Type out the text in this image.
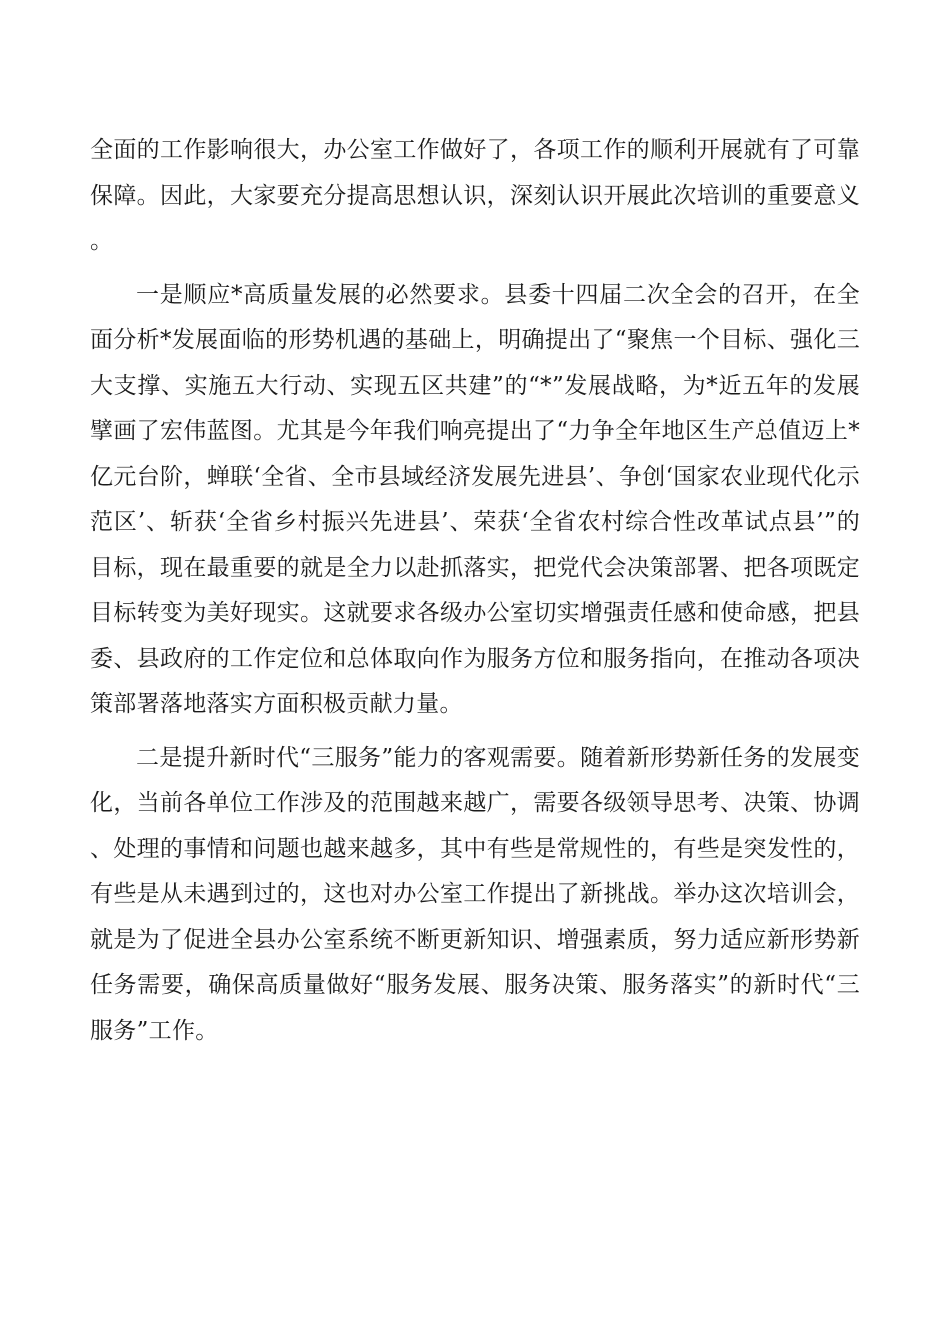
全面的工作影响很大，办公室工作做好了，各项工作的顺利开展就有了可靠保障。因此，大家要充分提高思想认识，深刻认识开展此次培训的重要意义。

一是顺应*高质量发展的必然要求。县委十四届二次全会的召开，在全面分析*发展面临的形势机遇的基础上，明确提出了“聚焦一个目标、强化三大支撑、实施五大行动、实现五区共建”的“*”发展战略，为*近五年的发展擘画了宏伟蓝图。尤其是今年我们响亮提出了“力争全年地区生产总值迈上*亿元台阶，蝉联‘全省、全市县域经济发展先进县’、争创‘国家农业现代化示范区’、斩获‘全省乡村振兴先进县’、荣获‘全省农村综合性改革试点县’”的目标，现在最重要的就是全力以赴抓落实，把党代会决策部署、把各项既定目标转变为美好现实。这就要求各级办公室切实增强责任感和使命感，把县委、县政府的工作定位和总体取向作为服务方位和服务指向，在推动各项决策部署落地落实方面积极贡献力量。

二是提升新时代“三服务”能力的客观需要。随着新形势新任务的发展变化，当前各单位工作涉及的范围越来越广，需要各级领导思考、决策、协调、处理的事情和问题也越来越多，其中有些是常规性的，有些是突发性的，有些是从未遇到过的，这也对办公室工作提出了新挑战。举办这次培训会，就是为了促进全县办公室系统不断更新知识、增强素质，努力适应新形势新任务需要，确保高质量做好“服务发展、服务决策、服务落实”的新时代“三服务”工作。
